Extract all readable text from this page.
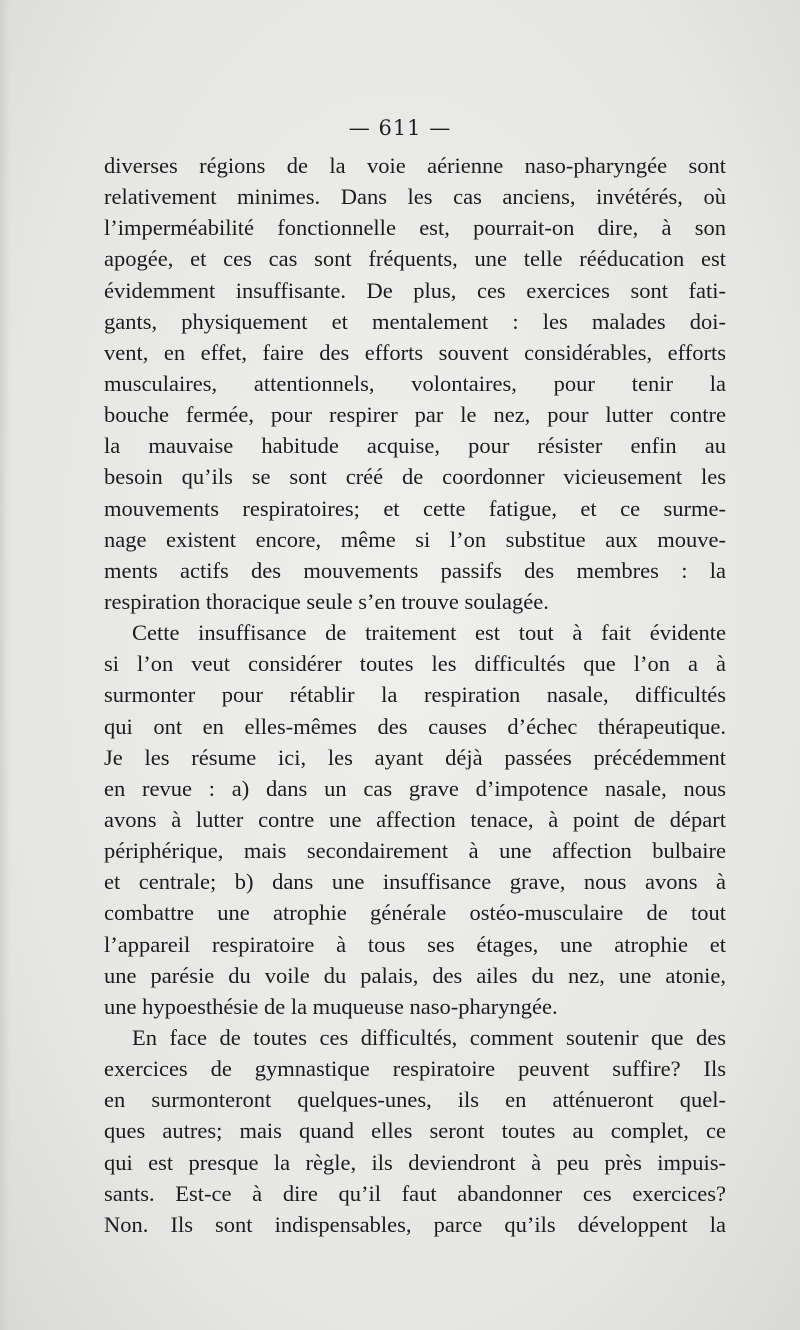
— 611 —
diverses régions de la voie aérienne naso-pharyngée sont
relativement minimes. Dans les cas anciens, invétérés, où
l’imperméabilité fonctionnelle est, pourrait-on dire, à son
apogée, et ces cas sont fréquents, une telle rééducation est
évidemment insuffisante. De plus, ces exercices sont fati-
gants, physiquement et mentalement : les malades doi-
vent, en effet, faire des efforts souvent considérables, efforts
musculaires, attentionnels, volontaires, pour tenir la
bouche fermée, pour respirer par le nez, pour lutter contre
la mauvaise habitude acquise, pour résister enfin au
besoin qu’ils se sont créé de coordonner vicieusement les
mouvements respiratoires; et cette fatigue, et ce surme-
nage existent encore, même si l’on substitue aux mouve-
ments actifs des mouvements passifs des membres : la
respiration thoracique seule s’en trouve soulagée.
Cette insuffisance de traitement est tout à fait évidente
si l’on veut considérer toutes les difficultés que l’on a à
surmonter pour rétablir la respiration nasale, difficultés
qui ont en elles-mêmes des causes d’échec thérapeutique.
Je les résume ici, les ayant déjà passées précédemment
en revue : a) dans un cas grave d’impotence nasale, nous
avons à lutter contre une affection tenace, à point de départ
périphérique, mais secondairement à une affection bulbaire
et centrale; b) dans une insuffisance grave, nous avons à
combattre une atrophie générale ostéo-musculaire de tout
l’appareil respiratoire à tous ses étages, une atrophie et
une parésie du voile du palais, des ailes du nez, une atonie,
une hypoesthésie de la muqueuse naso-pharyngée.
En face de toutes ces difficultés, comment soutenir que des
exercices de gymnastique respiratoire peuvent suffire? Ils
en surmonteront quelques-unes, ils en atténueront quel-
ques autres; mais quand elles seront toutes au complet, ce
qui est presque la règle, ils deviendront à peu près impuis-
sants. Est-ce à dire qu’il faut abandonner ces exercices?
Non. Ils sont indispensables, parce qu’ils développent la
